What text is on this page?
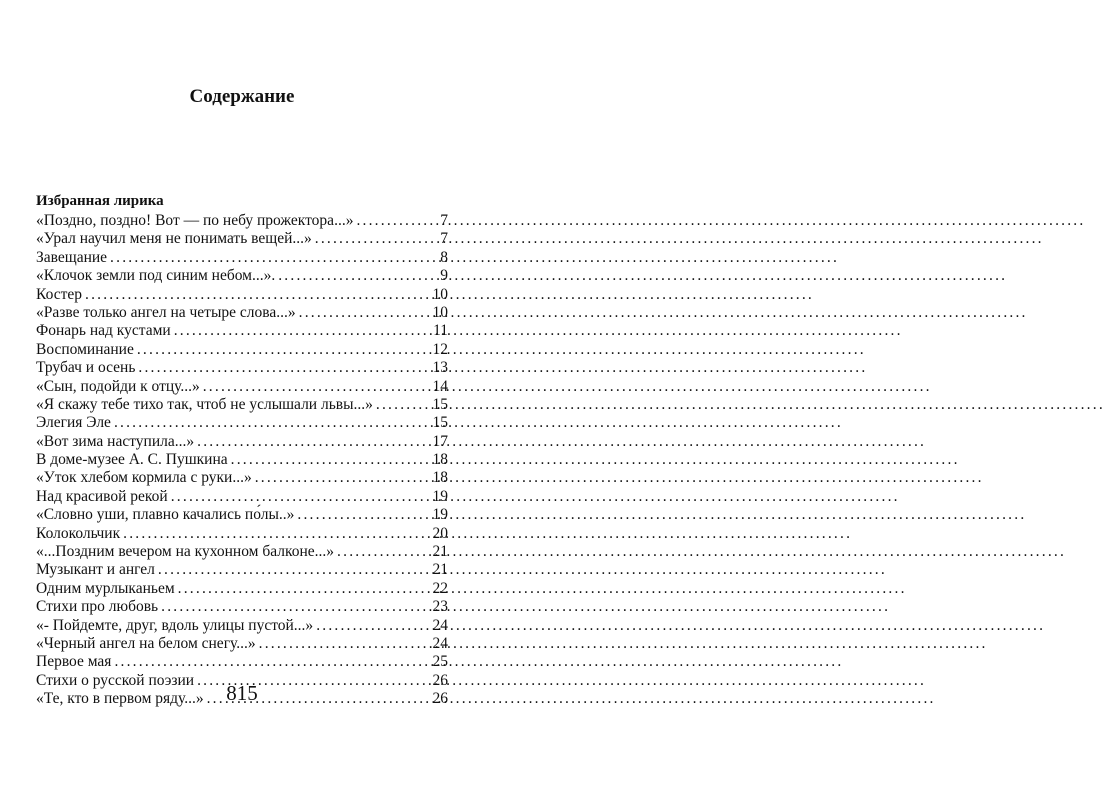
Содержание
Избранная лирика
«Поздно, поздно! Вот — по небу прожектора...» .....	7
«Урал научил меня не понимать вещей...» .....	7
Завещание .....	8
«Клочок земли под синим небом...». .....	9
Костер .....	10
«Разве только ангел на четыре слова...» .....	10
Фонарь над кустами .....	11
Воспоминание .....	12
Трубач и осень .....	13
«Сын, подойди к отцу...» .....	14
«Я скажу тебе тихо так, чтоб не услышали львы...» .....	15
Элегия Эле .....	15
«Вот зима наступила...» .....	17
В доме-музее А. С. Пушкина .....	18
«Уток хлебом кормила с руки...» .....	18
Над красивой рекой .....	19
«Словно уши, плавно качались по́лы..» .....	19
Колокольчик .....	20
«...Поздним вечером на кухонном балконе...» .....	21
Музыкант и ангел .....	21
Одним мурлыканьем .....	22
Стихи про любовь .....	23
«- Пойдемте, друг, вдоль улицы пустой...» .....	24
«Черный ангел на белом снегу...» .....	24
Первое мая .....	25
Стихи о русской поэзии .....	26
«Те, кто в первом ряду...» .....	26
815
